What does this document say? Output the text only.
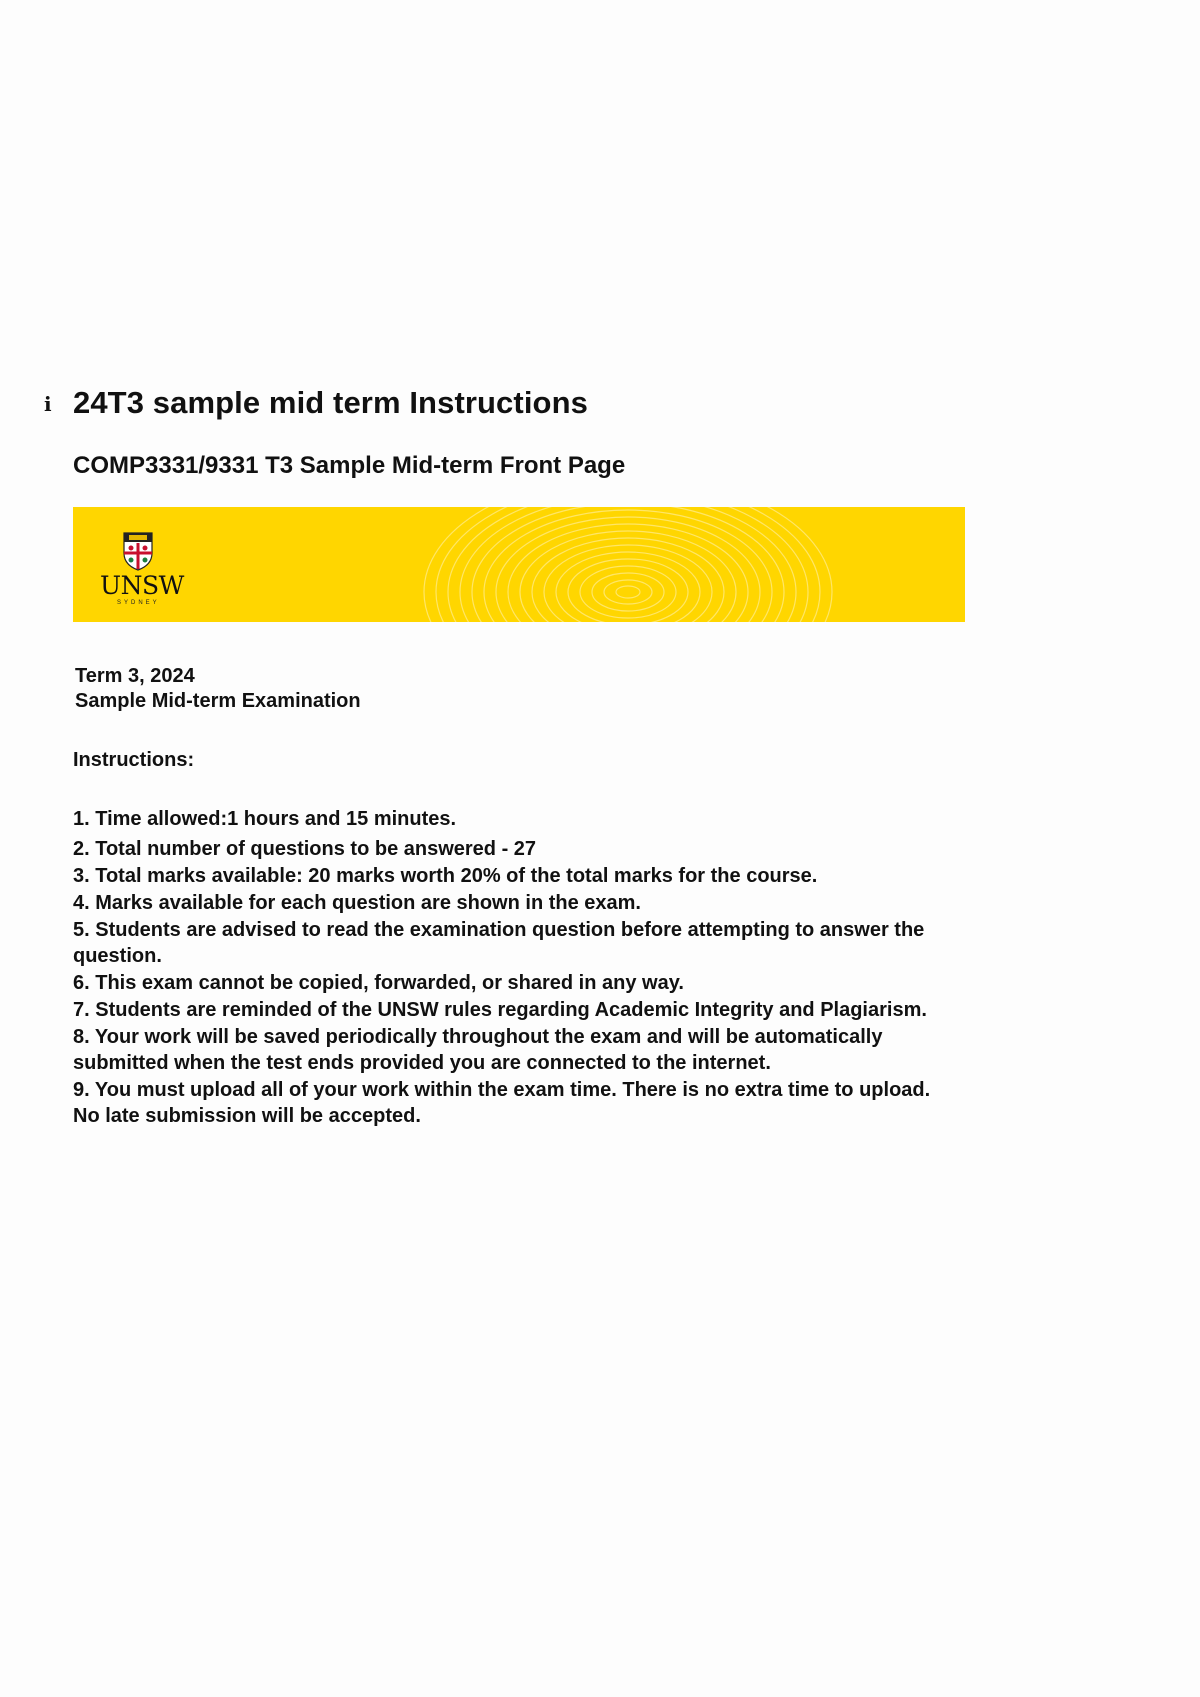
i 24T3 sample mid term Instructions
COMP3331/9331 T3 Sample Mid-term Front Page
UNSW
SYDNEY
Term 3, 2024
Sample Mid-term Examination
Instructions:
1. Time allowed:1 hours and 15 minutes.
2. Total number of questions to be answered - 27
3. Total marks available: 20 marks worth 20% of the total marks for the course.
4. Marks available for each question are shown in the exam.
5. Students are advised to read the examination question before attempting to answer the question.
6. This exam cannot be copied, forwarded, or shared in any way.
7. Students are reminded of the UNSW rules regarding Academic Integrity and Plagiarism.
8. Your work will be saved periodically throughout the exam and will be automatically submitted when the test ends provided you are connected to the internet.
9. You must upload all of your work within the exam time. There is no extra time to upload. No late submission will be accepted.
